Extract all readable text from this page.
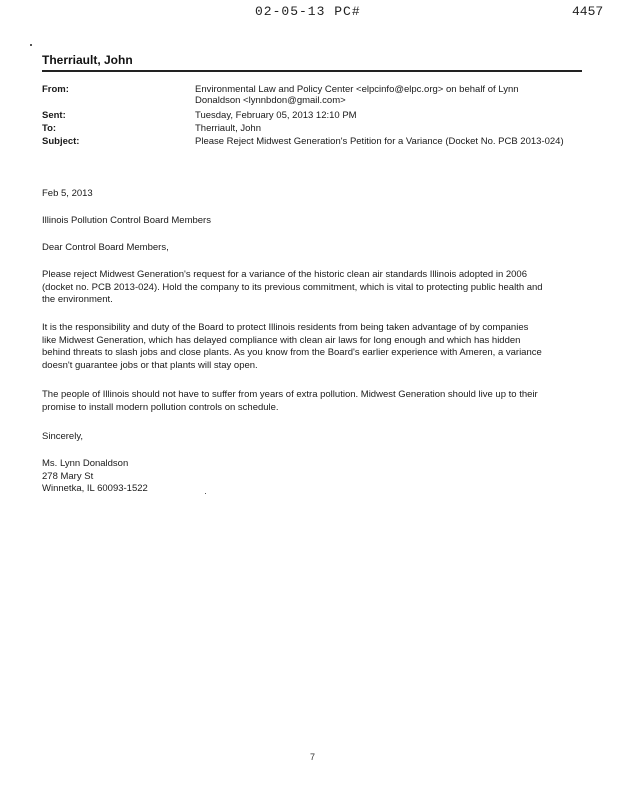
02-05-13 PC#	4457
Therriault, John
From:	Environmental Law and Policy Center <elpcinfo@elpc.org> on behalf of Lynn
Donaldson <lynnbdon@gmail.com>
Sent:	Tuesday, February 05, 2013 12:10 PM
To:	Therriault, John
Subject:	Please Reject Midwest Generation's Petition for a Variance (Docket No. PCB 2013-024)
Feb 5, 2013
Illinois Pollution Control Board Members
Dear Control Board Members,
Please reject Midwest Generation's request for a variance of the historic clean air standards Illinois adopted in 2006
(docket no. PCB 2013-024). Hold the company to its previous commitment, which is vital to protecting public health and
the environment.
It is the responsibility and duty of the Board to protect Illinois residents from being taken advantage of by companies
like Midwest Generation, which has delayed compliance with clean air laws for long enough and which has hidden
behind threats to slash jobs and close plants. As you know from the Board's earlier experience with Ameren, a variance
doesn't guarantee jobs or that plants will stay open.
The people of Illinois should not have to suffer from years of extra pollution. Midwest Generation should live up to their
promise to install modern pollution controls on schedule.
Sincerely,
Ms. Lynn Donaldson
278 Mary St
Winnetka, IL 60093-1522
7
